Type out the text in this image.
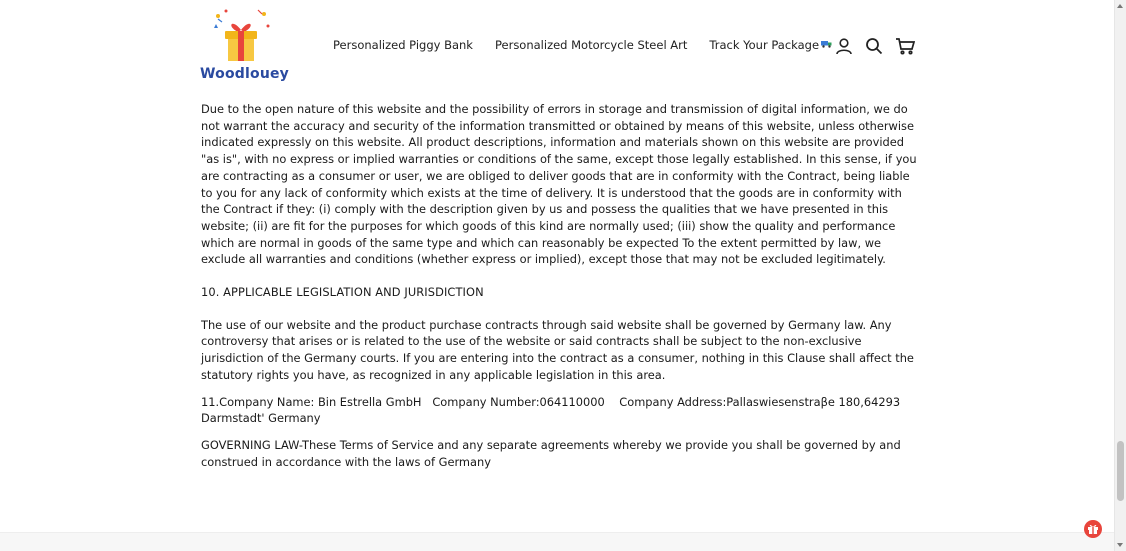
Woodlouey
Personalized Piggy Bank Personalized Motorcycle Steel Art Track Your Package

Due to the open nature of this website and the possibility of errors in storage and transmission of digital information, we do not warrant the accuracy and security of the information transmitted or obtained by means of this website, unless otherwise indicated expressly on this website. All product descriptions, information and materials shown on this website are provided "as is", with no express or implied warranties or conditions of the same, except those legally established. In this sense, if you are contracting as a consumer or user, we are obliged to deliver goods that are in conformity with the Contract, being liable to you for any lack of conformity which exists at the time of delivery. It is understood that the goods are in conformity with the Contract if they: (i) comply with the description given by us and possess the qualities that we have presented in this website; (ii) are fit for the purposes for which goods of this kind are normally used; (iii) show the quality and performance which are normal in goods of the same type and which can reasonably be expected To the extent permitted by law, we exclude all warranties and conditions (whether express or implied), except those that may not be excluded legitimately.

10. APPLICABLE LEGISLATION AND JURISDICTION

The use of our website and the product purchase contracts through said website shall be governed by Germany law. Any controversy that arises or is related to the use of the website or said contracts shall be subject to the non-exclusive jurisdiction of the Germany courts. If you are entering into the contract as a consumer, nothing in this Clause shall affect the statutory rights you have, as recognized in any applicable legislation in this area.

11.Company Name: Bin Estrella GmbH   Company Number:064110000    Company Address:Pallaswiesenstraβe 180,64293 Darmstadt' Germany

GOVERNING LAW-These Terms of Service and any separate agreements whereby we provide you shall be governed by and construed in accordance with the laws of Germany
